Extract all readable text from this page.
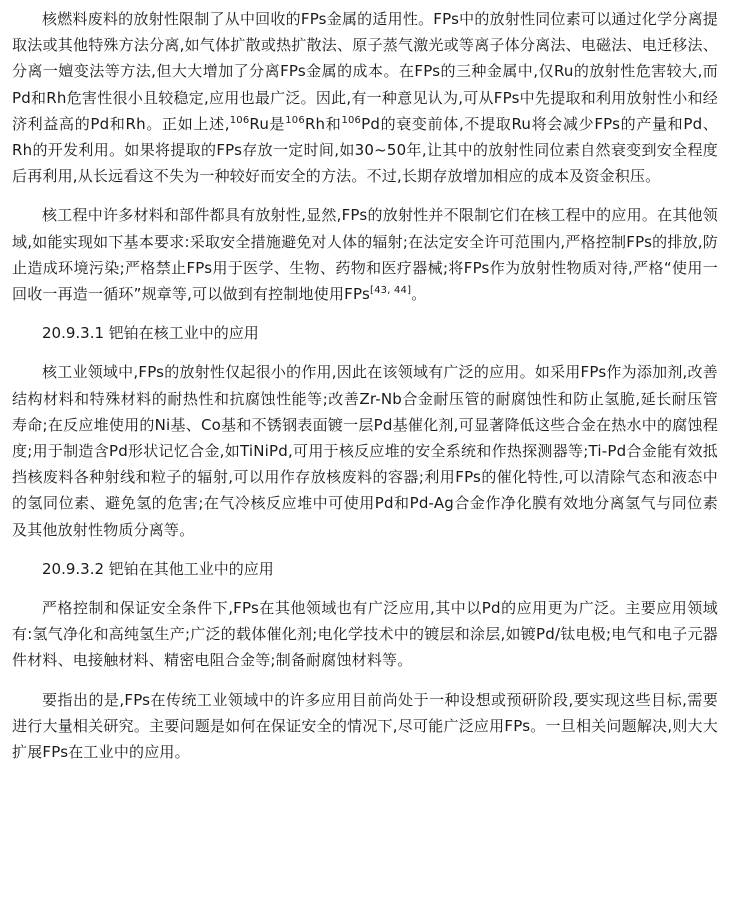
核燃料废料的放射性限制了从中回收的FPs金属的适用性。FPs中的放射性同位素可以通过化学分离提取法或其他特殊方法分离,如气体扩散或热扩散法、原子蒸气激光或等离子体分离法、电磁法、电迁移法、分离一嬗变法等方法,但大大增加了分离FPs金属的成本。在FPs的三种金属中,仅Ru的放射性危害较大,而Pd和Rh危害性很小且较稳定,应用也最广泛。因此,有一种意见认为,可从FPs中先提取和利用放射性小和经济利益高的Pd和Rh。正如上述,$^{106}$Ru是$^{106}$Rh和$^{106}$Pd的衰变前体,不提取Ru将会减少FPs的产量和Pd、Rh的开发利用。如果将提取的FPs存放一定时间,如30~50年,让其中的放射性同位素自然衰变到安全程度后再利用,从长远看这不失为一种较好而安全的方法。不过,长期存放增加相应的成本及资金积压。

核工程中许多材料和部件都具有放射性,显然,FPs的放射性并不限制它们在核工程中的应用。在其他领域,如能实现如下基本要求:采取安全措施避免对人体的辐射;在法定安全许可范围内,严格控制FPs的排放,防止造成环境污染;严格禁止FPs用于医学、生物、药物和医疗器械;将FPs作为放射性物质对待,严格“使用一回收一再造一循环”规章等,可以做到有控制地使用FPs[43, 44]。

20.9.3.1 钯铂在核工业中的应用

核工业领域中,FPs的放射性仅起很小的作用,因此在该领域有广泛的应用。如采用FPs作为添加剂,改善结构材料和特殊材料的耐热性和抗腐蚀性能等;改善Zr-Nb合金耐压管的耐腐蚀性和防止氢脆,延长耐压管寿命;在反应堆使用的Ni基、Co基和不锈钢表面镀一层Pd基催化剂,可显著降低这些合金在热水中的腐蚀程度;用于制造含Pd形状记忆合金,如TiNiPd,可用于核反应堆的安全系统和作热探测器等;Ti-Pd合金能有效抵挡核废料各种射线和粒子的辐射,可以用作存放核废料的容器;利用FPs的催化特性,可以清除气态和液态中的氢同位素、避免氢的危害;在气冷核反应堆中可使用Pd和Pd-Ag合金作净化膜有效地分离氢气与同位素及其他放射性物质分离等。

20.9.3.2 钯铂在其他工业中的应用

严格控制和保证安全条件下,FPs在其他领域也有广泛应用,其中以Pd的应用更为广泛。主要应用领域有:氢气净化和高纯氢生产;广泛的载体催化剂;电化学技术中的镀层和涂层,如镀Pd/钛电极;电气和电子元器件材料、电接触材料、精密电阻合金等;制备耐腐蚀材料等。

要指出的是,FPs在传统工业领域中的许多应用目前尚处于一种设想或预研阶段,要实现这些目标,需要进行大量相关研究。主要问题是如何在保证安全的情况下,尽可能广泛应用FPs。一旦相关问题解决,则大大扩展FPs在工业中的应用。
